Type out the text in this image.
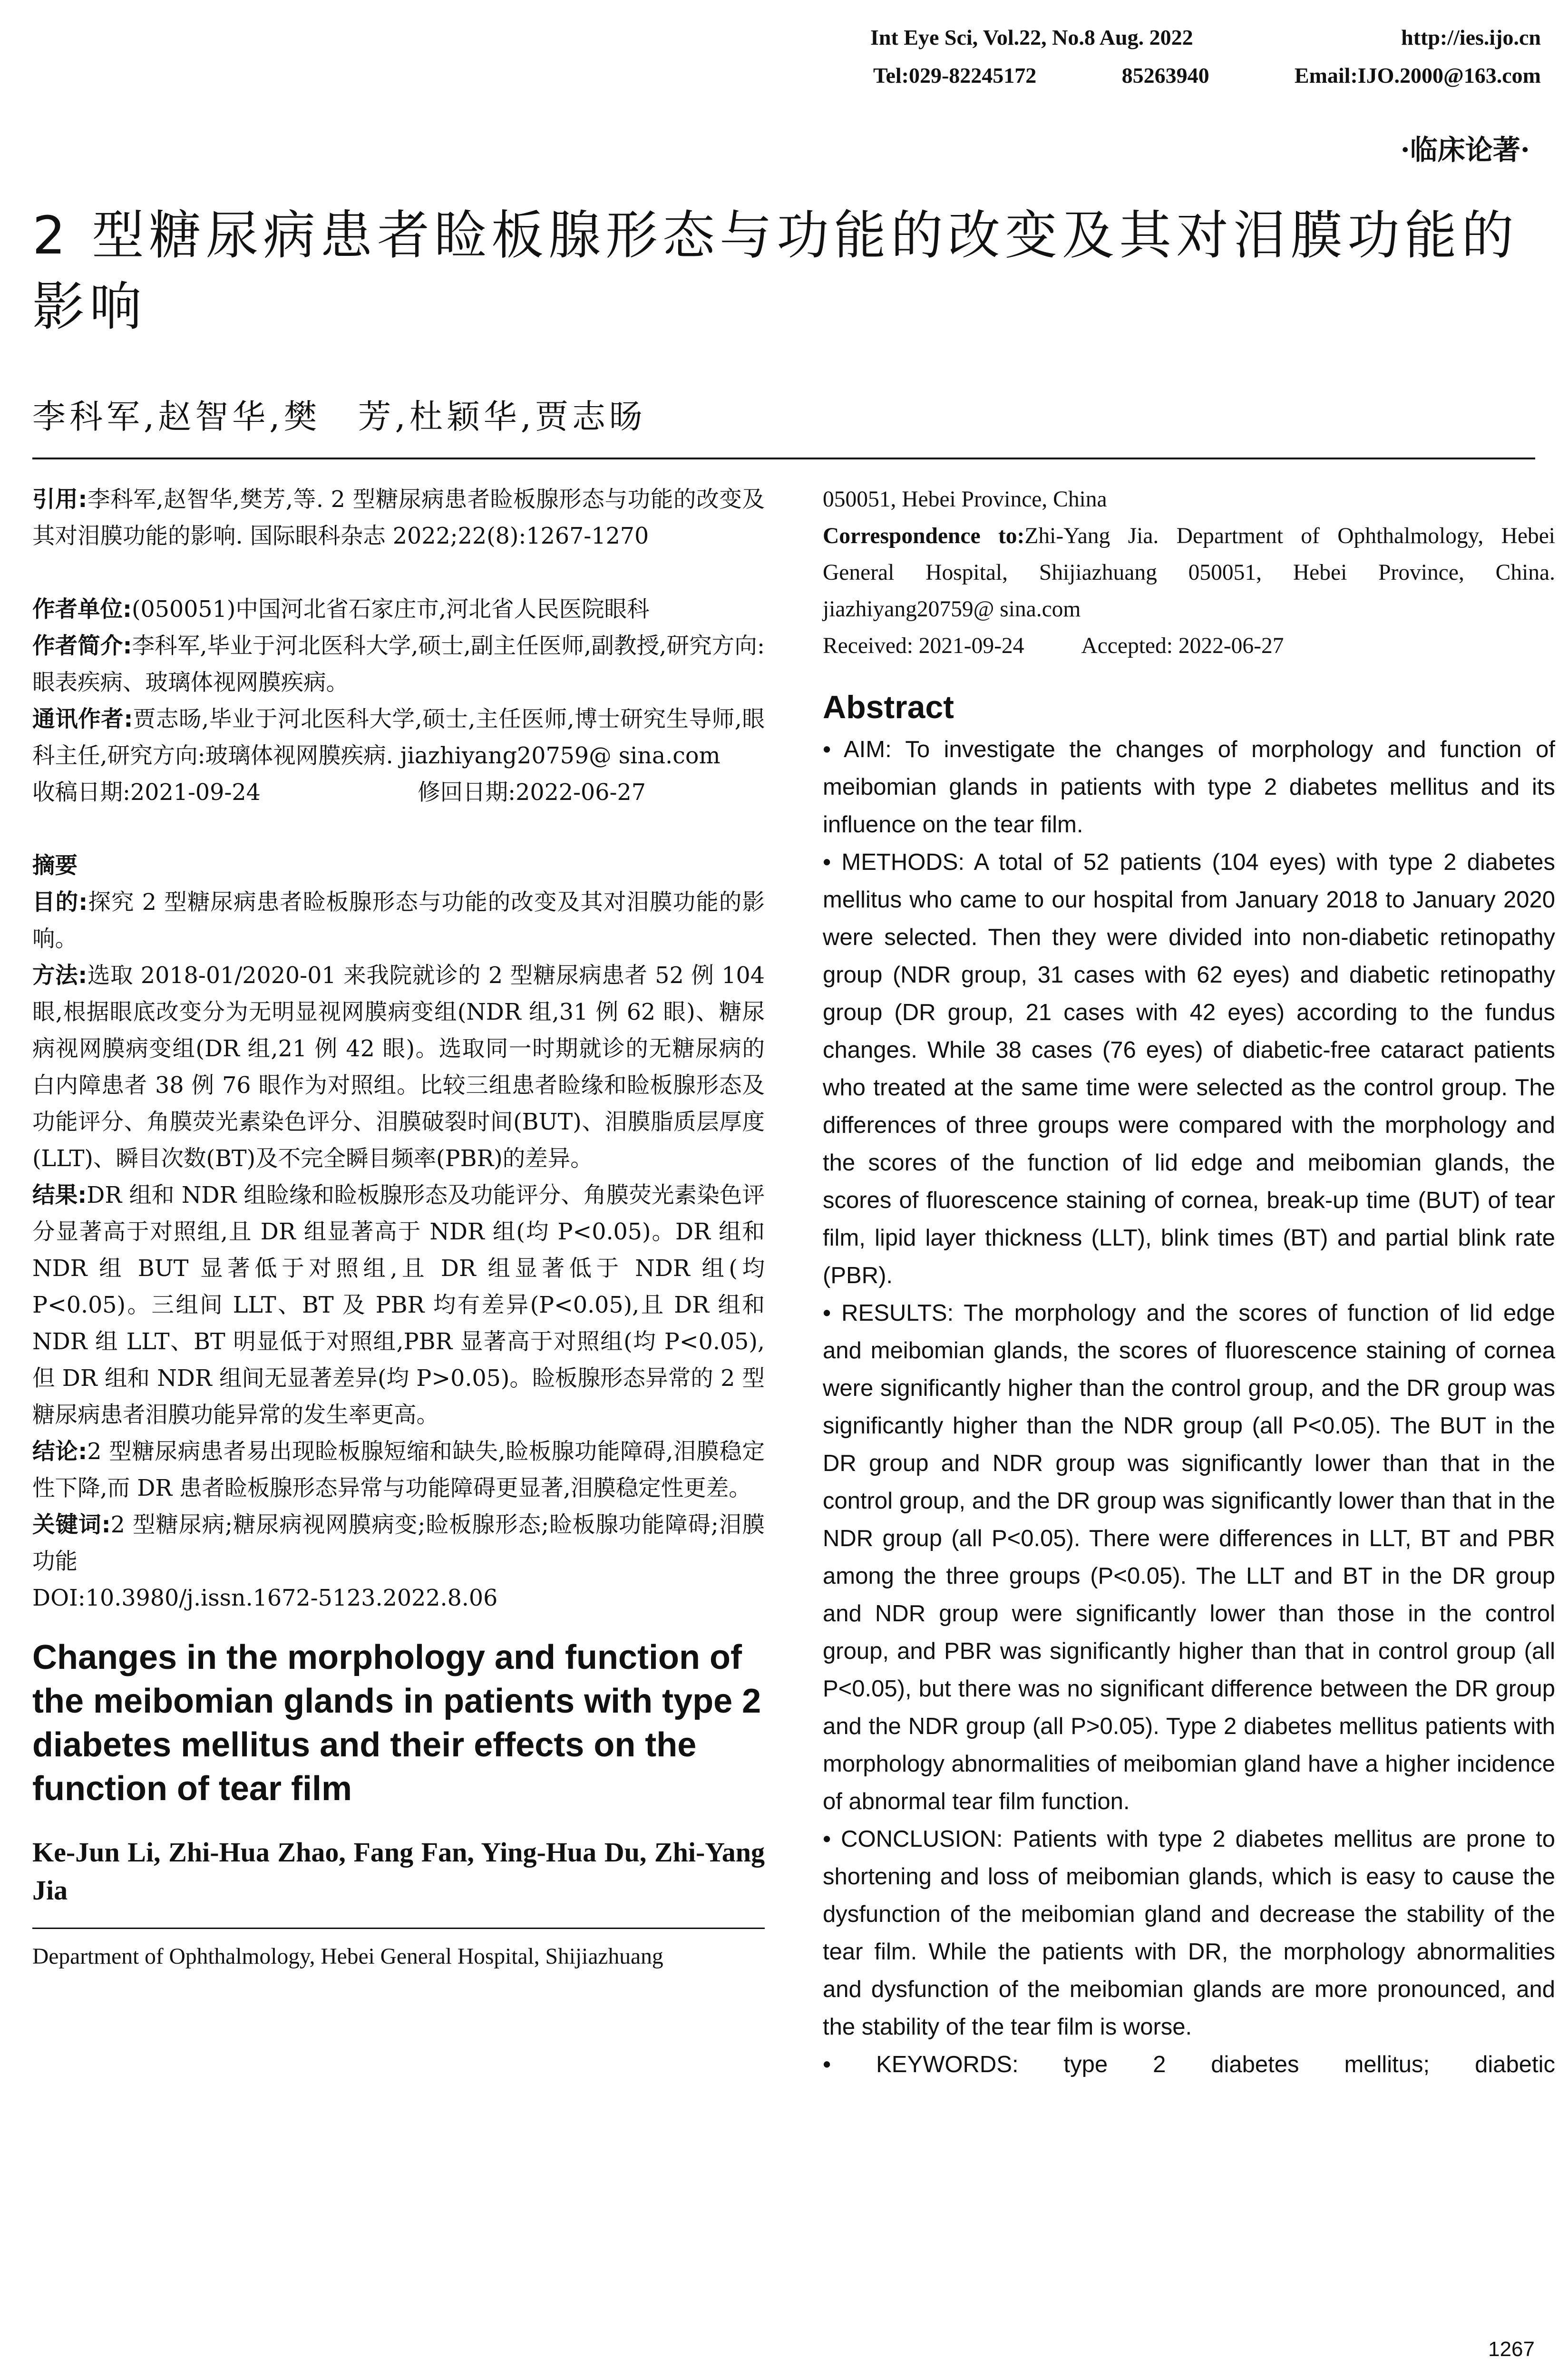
Int Eye Sci, Vol.22, No.8 Aug. 2022	http://ies.ijo.cn
Tel:029-82245172	85263940	Email:IJO.2000@163.com
·临床论著·
2 型糖尿病患者睑板腺形态与功能的改变及其对泪膜功能的影响
李科军,赵智华,樊　芳,杜颖华,贾志旸

引用:李科军,赵智华,樊芳,等. 2 型糖尿病患者睑板腺形态与功能的改变及其对泪膜功能的影响. 国际眼科杂志 2022;22(8):1267-1270

作者单位:(050051)中国河北省石家庄市,河北省人民医院眼科

作者简介:李科军,毕业于河北医科大学,硕士,副主任医师,副教授,研究方向:眼表疾病、玻璃体视网膜疾病。

通讯作者:贾志旸,毕业于河北医科大学,硕士,主任医师,博士研究生导师,眼科主任,研究方向:玻璃体视网膜疾病. jiazhiyang20759@ sina.com

收稿日期:2021-09-24	修回日期:2022-06-27

摘要

目的:探究 2 型糖尿病患者睑板腺形态与功能的改变及其对泪膜功能的影响。

方法:选取 2018-01/2020-01 来我院就诊的 2 型糖尿病患者 52 例 104 眼,根据眼底改变分为无明显视网膜病变组(NDR 组,31 例 62 眼)、糖尿病视网膜病变组(DR 组,21 例 42 眼)。选取同一时期就诊的无糖尿病的白内障患者 38 例 76 眼作为对照组。比较三组患者睑缘和睑板腺形态及功能评分、角膜荧光素染色评分、泪膜破裂时间(BUT)、泪膜脂质层厚度(LLT)、瞬目次数(BT)及不完全瞬目频率(PBR)的差异。

结果:DR 组和 NDR 组睑缘和睑板腺形态及功能评分、角膜荧光素染色评分显著高于对照组,且 DR 组显著高于 NDR 组(均 P<0.05)。DR 组和 NDR 组 BUT 显著低于对照组,且 DR 组显著低于 NDR 组(均 P<0.05)。三组间 LLT、BT 及 PBR 均有差异(P<0.05),且 DR 组和 NDR 组 LLT、BT 明显低于对照组,PBR 显著高于对照组(均 P<0.05),但 DR 组和 NDR 组间无显著差异(均 P>0.05)。睑板腺形态异常的 2 型糖尿病患者泪膜功能异常的发生率更高。

结论:2 型糖尿病患者易出现睑板腺短缩和缺失,睑板腺功能障碍,泪膜稳定性下降,而 DR 患者睑板腺形态异常与功能障碍更显著,泪膜稳定性更差。

关键词:2 型糖尿病;糖尿病视网膜病变;睑板腺形态;睑板腺功能障碍;泪膜功能

DOI:10.3980/j.issn.1672-5123.2022.8.06

Changes in the morphology and function of the meibomian glands in patients with type 2 diabetes mellitus and their effects on the function of tear film

Ke-Jun Li, Zhi-Hua Zhao, Fang Fan, Ying-Hua Du, Zhi-Yang Jia

Department of Ophthalmology, Hebei General Hospital, Shijiazhuang

050051, Hebei Province, China

Correspondence to:Zhi-Yang Jia. Department of Ophthalmology, Hebei General Hospital, Shijiazhuang 050051, Hebei Province, China. jiazhiyang20759@ sina.com

Received: 2021-09-24	Accepted: 2022-06-27

Abstract

• AIM: To investigate the changes of morphology and function of meibomian glands in patients with type 2 diabetes mellitus and its influence on the tear film.

• METHODS: A total of 52 patients (104 eyes) with type 2 diabetes mellitus who came to our hospital from January 2018 to January 2020 were selected. Then they were divided into non-diabetic retinopathy group (NDR group, 31 cases with 62 eyes) and diabetic retinopathy group (DR group, 21 cases with 42 eyes) according to the fundus changes. While 38 cases (76 eyes) of diabetic-free cataract patients who treated at the same time were selected as the control group. The differences of three groups were compared with the morphology and the scores of the function of lid edge and meibomian glands, the scores of fluorescence staining of cornea, break-up time (BUT) of tear film, lipid layer thickness (LLT), blink times (BT) and partial blink rate (PBR).

• RESULTS: The morphology and the scores of function of lid edge and meibomian glands, the scores of fluorescence staining of cornea were significantly higher than the control group, and the DR group was significantly higher than the NDR group (all P<0.05). The BUT in the DR group and NDR group was significantly lower than that in the control group, and the DR group was significantly lower than that in the NDR group (all P<0.05). There were differences in LLT, BT and PBR among the three groups (P<0.05). The LLT and BT in the DR group and NDR group were significantly lower than those in the control group, and PBR was significantly higher than that in control group (all P<0.05), but there was no significant difference between the DR group and the NDR group (all P>0.05). Type 2 diabetes mellitus patients with morphology abnormalities of meibomian gland have a higher incidence of abnormal tear film function.

• CONCLUSION: Patients with type 2 diabetes mellitus are prone to shortening and loss of meibomian glands, which is easy to cause the dysfunction of the meibomian gland and decrease the stability of the tear film. While the patients with DR, the morphology abnormalities and dysfunction of the meibomian glands are more pronounced, and the stability of the tear film is worse.

• KEYWORDS: type 2 diabetes mellitus; diabetic

1267
